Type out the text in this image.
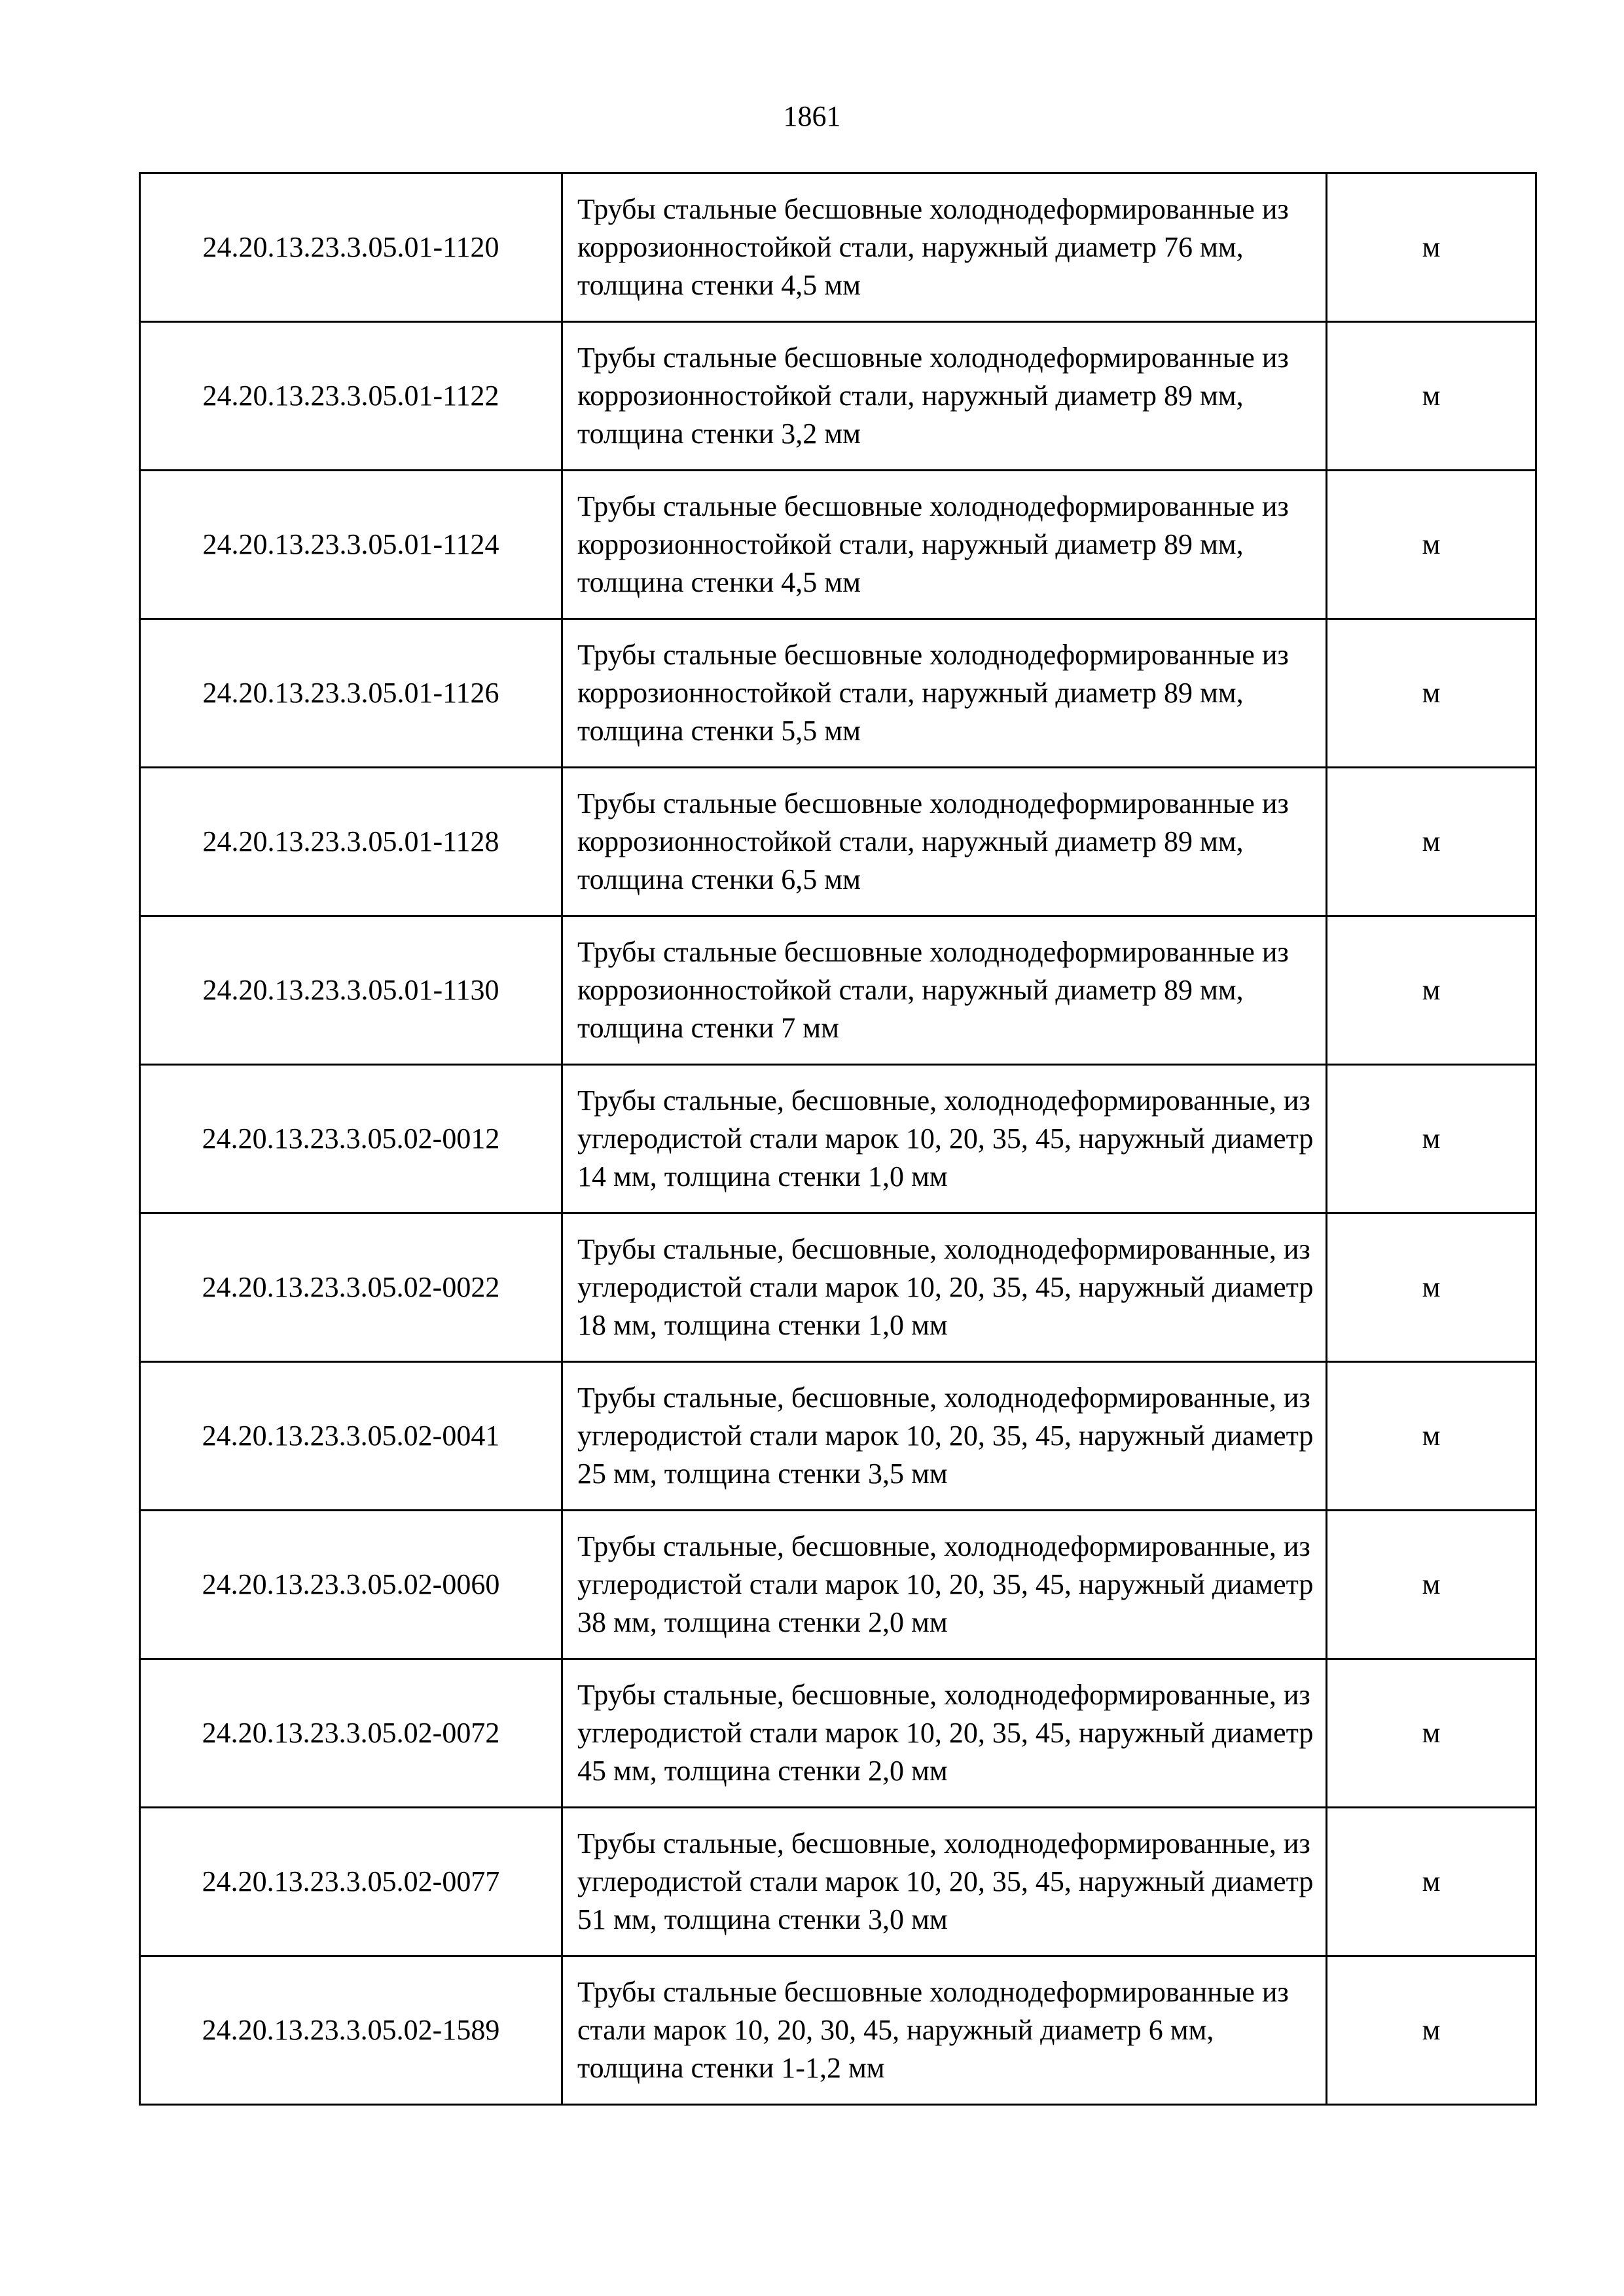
1861
24.20.13.23.3.05.01-1120	Трубы стальные бесшовные холоднодеформированные из коррозионностойкой стали, наружный диаметр 76 мм, толщина стенки 4,5 мм	м
24.20.13.23.3.05.01-1122	Трубы стальные бесшовные холоднодеформированные из коррозионностойкой стали, наружный диаметр 89 мм, толщина стенки 3,2 мм	м
24.20.13.23.3.05.01-1124	Трубы стальные бесшовные холоднодеформированные из коррозионностойкой стали, наружный диаметр 89 мм, толщина стенки 4,5 мм	м
24.20.13.23.3.05.01-1126	Трубы стальные бесшовные холоднодеформированные из коррозионностойкой стали, наружный диаметр 89 мм, толщина стенки 5,5 мм	м
24.20.13.23.3.05.01-1128	Трубы стальные бесшовные холоднодеформированные из коррозионностойкой стали, наружный диаметр 89 мм, толщина стенки 6,5 мм	м
24.20.13.23.3.05.01-1130	Трубы стальные бесшовные холоднодеформированные из коррозионностойкой стали, наружный диаметр 89 мм, толщина стенки 7 мм	м
24.20.13.23.3.05.02-0012	Трубы стальные, бесшовные, холоднодеформированные, из углеродистой стали марок 10, 20, 35, 45, наружный диаметр 14 мм, толщина стенки 1,0 мм	м
24.20.13.23.3.05.02-0022	Трубы стальные, бесшовные, холоднодеформированные, из углеродистой стали марок 10, 20, 35, 45, наружный диаметр 18 мм, толщина стенки 1,0 мм	м
24.20.13.23.3.05.02-0041	Трубы стальные, бесшовные, холоднодеформированные, из углеродистой стали марок 10, 20, 35, 45, наружный диаметр 25 мм, толщина стенки 3,5 мм	м
24.20.13.23.3.05.02-0060	Трубы стальные, бесшовные, холоднодеформированные, из углеродистой стали марок 10, 20, 35, 45, наружный диаметр 38 мм, толщина стенки 2,0 мм	м
24.20.13.23.3.05.02-0072	Трубы стальные, бесшовные, холоднодеформированные, из углеродистой стали марок 10, 20, 35, 45, наружный диаметр 45 мм, толщина стенки 2,0 мм	м
24.20.13.23.3.05.02-0077	Трубы стальные, бесшовные, холоднодеформированные, из углеродистой стали марок 10, 20, 35, 45, наружный диаметр 51 мм, толщина стенки 3,0 мм	м
24.20.13.23.3.05.02-1589	Трубы стальные бесшовные холоднодеформированные из стали марок 10, 20, 30, 45, наружный диаметр 6 мм, толщина стенки 1-1,2 мм	м
